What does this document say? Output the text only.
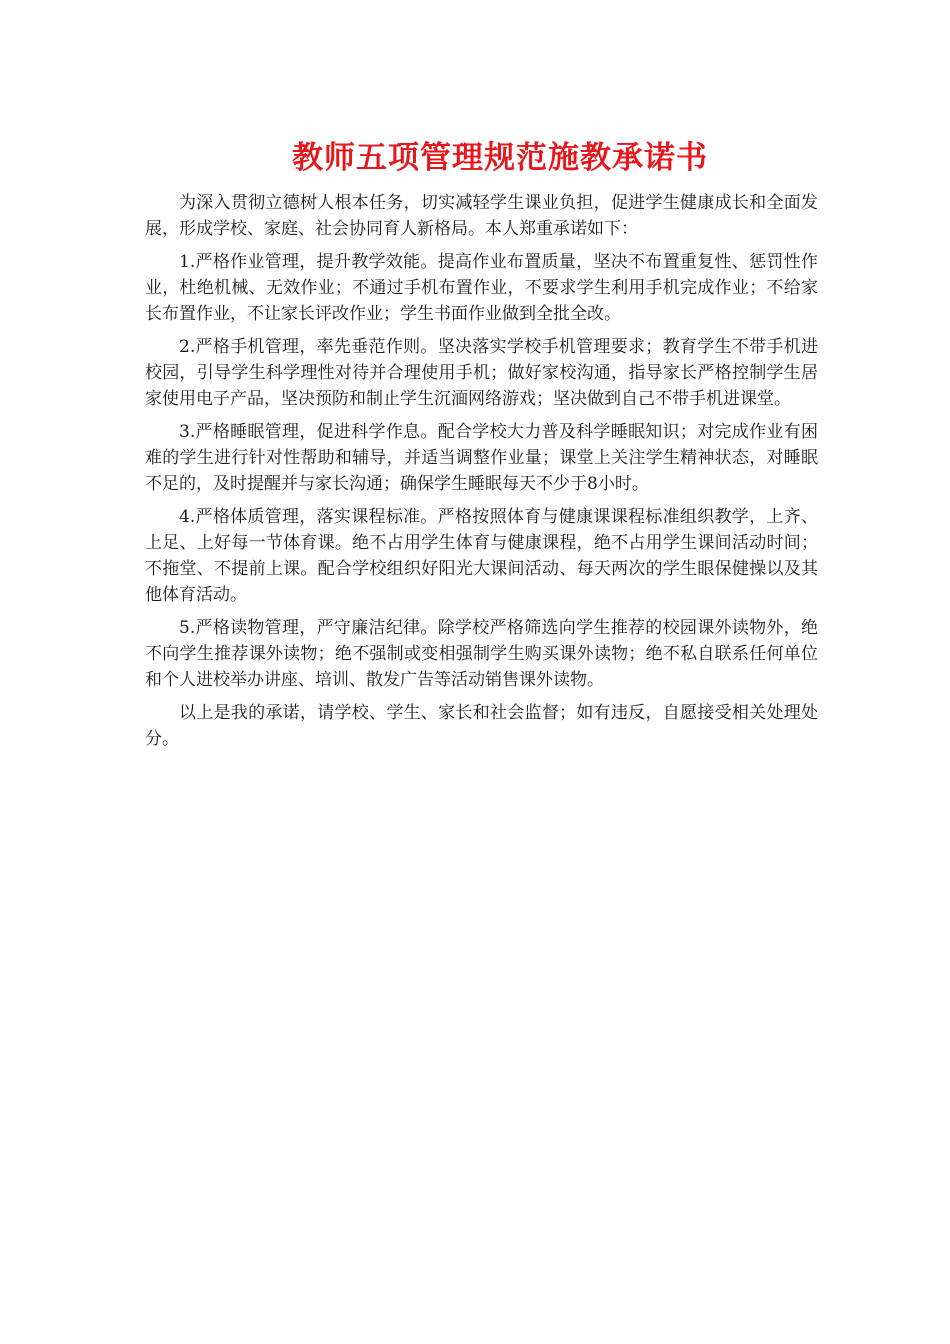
教师五项管理规范施教承诺书

为深入贯彻立德树人根本任务，切实减轻学生课业负担，促进学生健康成长和全面发展，形成学校、家庭、社会协同育人新格局。本人郑重承诺如下：

1.严格作业管理，提升教学效能。提高作业布置质量，坚决不布置重复性、惩罚性作业，杜绝机械、无效作业；不通过手机布置作业，不要求学生利用手机完成作业；不给家长布置作业，不让家长评改作业；学生书面作业做到全批全改。

2.严格手机管理，率先垂范作则。坚决落实学校手机管理要求；教育学生不带手机进校园，引导学生科学理性对待并合理使用手机；做好家校沟通，指导家长严格控制学生居家使用电子产品，坚决预防和制止学生沉湎网络游戏；坚决做到自己不带手机进课堂。

3.严格睡眠管理，促进科学作息。配合学校大力普及科学睡眠知识；对完成作业有困难的学生进行针对性帮助和辅导，并适当调整作业量；课堂上关注学生精神状态，对睡眠不足的，及时提醒并与家长沟通；确保学生睡眠每天不少于8小时。

4.严格体质管理，落实课程标准。严格按照体育与健康课课程标准组织教学，上齐、上足、上好每一节体育课。绝不占用学生体育与健康课程，绝不占用学生课间活动时间；不拖堂、不提前上课。配合学校组织好阳光大课间活动、每天两次的学生眼保健操以及其他体育活动。

5.严格读物管理，严守廉洁纪律。除学校严格筛选向学生推荐的校园课外读物外，绝不向学生推荐课外读物；绝不强制或变相强制学生购买课外读物；绝不私自联系任何单位和个人进校举办讲座、培训、散发广告等活动销售课外读物。

以上是我的承诺，请学校、学生、家长和社会监督；如有违反，自愿接受相关处理处分。
